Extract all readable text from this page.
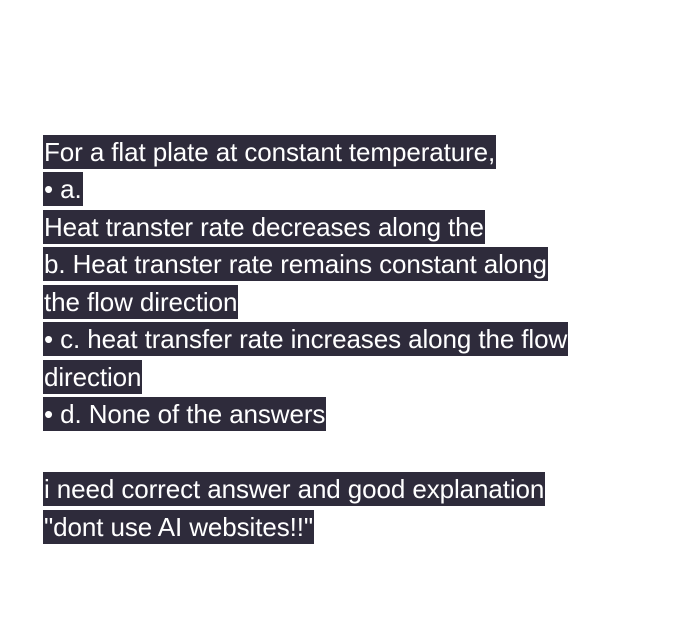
For a flat plate at constant temperature,
• a.
Heat transter rate decreases along the
b. Heat transter rate remains constant along
the flow direction
• c. heat transfer rate increases along the flow
direction
• d. None of the answers
i need correct answer and good explanation
"dont use AI websites!!"
